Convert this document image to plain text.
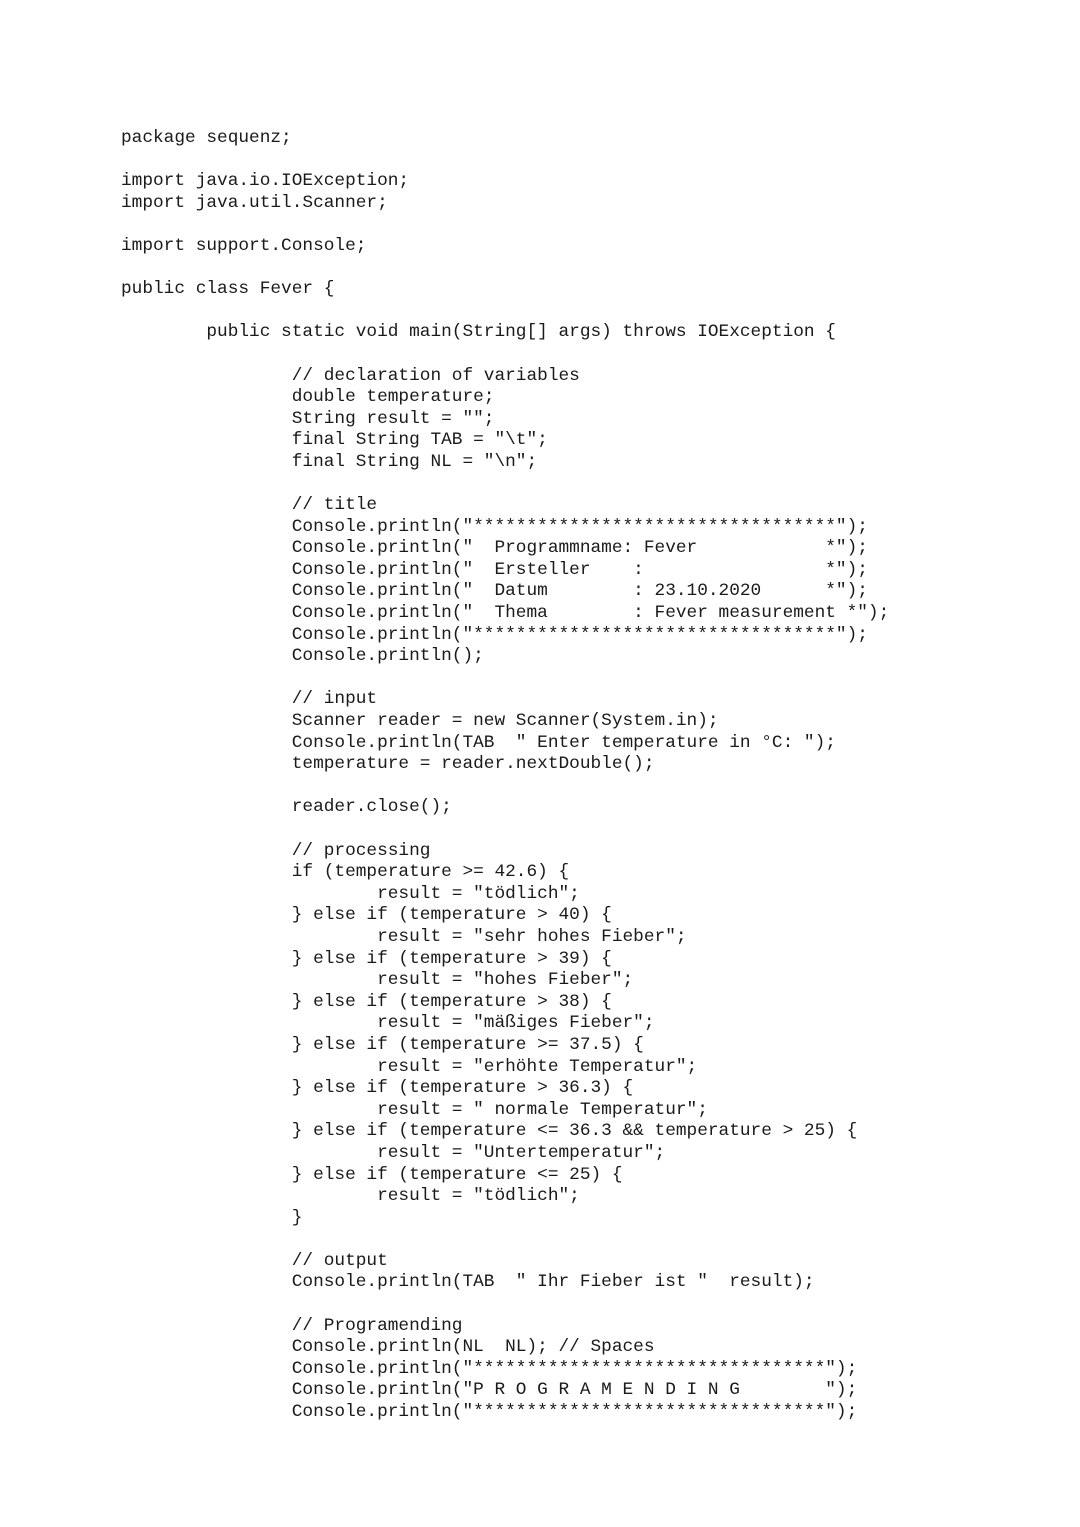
package sequenz;
import java.io.IOException;
import java.util.Scanner;
import support.Console;
public class Fever {
public static void main(String[] args) throws IOException {
// declaration of variables
double temperature;
String result = "";
final String TAB = "\t";
final String NL = "\n";
// title
Console.println("**********************************");
Console.println("  Programmname: Fever            *");
Console.println("  Ersteller    :                 *");
Console.println("  Datum        : 23.10.2020      *");
Console.println("  Thema        : Fever measurement *");
Console.println("**********************************");
Console.println();
// input
Scanner reader = new Scanner(System.in);
Console.println(TAB  " Enter temperature in °C: ");
temperature = reader.nextDouble();
reader.close();
// processing
if (temperature >= 42.6) {
result = "tödlich";
} else if (temperature > 40) {
result = "sehr hohes Fieber";
} else if (temperature > 39) {
result = "hohes Fieber";
} else if (temperature > 38) {
result = "mäßiges Fieber";
} else if (temperature >= 37.5) {
result = "erhöhte Temperatur";
} else if (temperature > 36.3) {
result = " normale Temperatur";
} else if (temperature <= 36.3 && temperature > 25) {
result = "Untertemperatur";
} else if (temperature <= 25) {
result = "tödlich";
}
// output
Console.println(TAB  " Ihr Fieber ist "  result);
// Programending
Console.println(NL  NL); // Spaces
Console.println("*********************************");
Console.println("P R O G R A M E N D I N G        ");
Console.println("*********************************");
